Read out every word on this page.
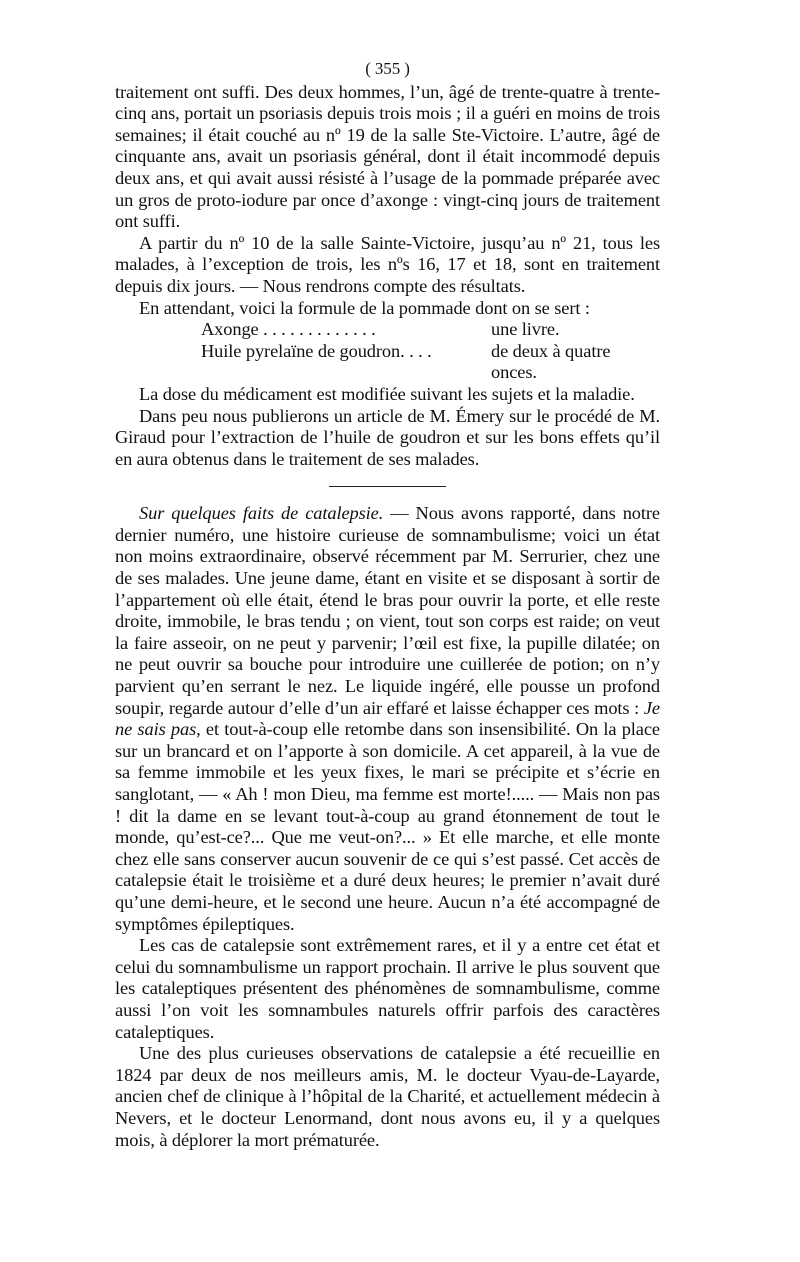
( 355 )

traitement ont suffi. Des deux hommes, l’un, âgé de trente-quatre à trente-cinq ans, portait un psoriasis depuis trois mois ; il a guéri en moins de trois semaines; il était couché au nº 19 de la salle Ste-Victoire. L’autre, âgé de cinquante ans, avait un psoriasis général, dont il était incommodé depuis deux ans, et qui avait aussi résisté à l’usage de la pommade préparée avec un gros de proto-iodure par once d’axonge : vingt-cinq jours de traitement ont suffi.

A partir du nº 10 de la salle Sainte-Victoire, jusqu’au nº 21, tous les malades, à l’exception de trois, les nºs 16, 17 et 18, sont en traitement depuis dix jours. — Nous rendrons compte des résultats.

En attendant, voici la formule de la pommade dont on se sert :

Axonge . . . . . . . . . . . . .	une livre.
Huile pyrelaïne de goudron. . . .	de deux à quatre onces.

La dose du médicament est modifiée suivant les sujets et la maladie.

Dans peu nous publierons un article de M. Émery sur le procédé de M. Giraud pour l’extraction de l’huile de goudron et sur les bons effets qu’il en aura obtenus dans le traitement de ses malades.

Sur quelques faits de catalepsie. — Nous avons rapporté, dans notre dernier numéro, une histoire curieuse de somnambulisme; voici un état non moins extraordinaire, observé récemment par M. Serrurier, chez une de ses malades. Une jeune dame, étant en visite et se disposant à sortir de l’appartement où elle était, étend le bras pour ouvrir la porte, et elle reste droite, immobile, le bras tendu ; on vient, tout son corps est raide; on veut la faire asseoir, on ne peut y parvenir; l’œil est fixe, la pupille dilatée; on ne peut ouvrir sa bouche pour introduire une cuillerée de potion; on n’y parvient qu’en serrant le nez. Le liquide ingéré, elle pousse un profond soupir, regarde autour d’elle d’un air effaré et laisse échapper ces mots : Je ne sais pas, et tout-à-coup elle retombe dans son insensibilité. On la place sur un brancard et on l’apporte à son domicile. A cet appareil, à la vue de sa femme immobile et les yeux fixes, le mari se précipite et s’écrie en sanglotant, — « Ah ! mon Dieu, ma femme est morte!..... — Mais non pas ! dit la dame en se levant tout-à-coup au grand étonnement de tout le monde, qu’est-ce?... Que me veut-on?... » Et elle marche, et elle monte chez elle sans conserver aucun souvenir de ce qui s’est passé. Cet accès de catalepsie était le troisième et a duré deux heures; le premier n’avait duré qu’une demi-heure, et le second une heure. Aucun n’a été accompagné de symptômes épileptiques.

Les cas de catalepsie sont extrêmement rares, et il y a entre cet état et celui du somnambulisme un rapport prochain. Il arrive le plus souvent que les cataleptiques présentent des phénomènes de somnambulisme, comme aussi l’on voit les somnambules naturels offrir parfois des caractères cataleptiques.

Une des plus curieuses observations de catalepsie a été recueillie en 1824 par deux de nos meilleurs amis, M. le docteur Vyau-de-Layarde, ancien chef de clinique à l’hôpital de la Charité, et actuellement médecin à Nevers, et le docteur Lenormand, dont nous avons eu, il y a quelques mois, à déplorer la mort prématurée.
